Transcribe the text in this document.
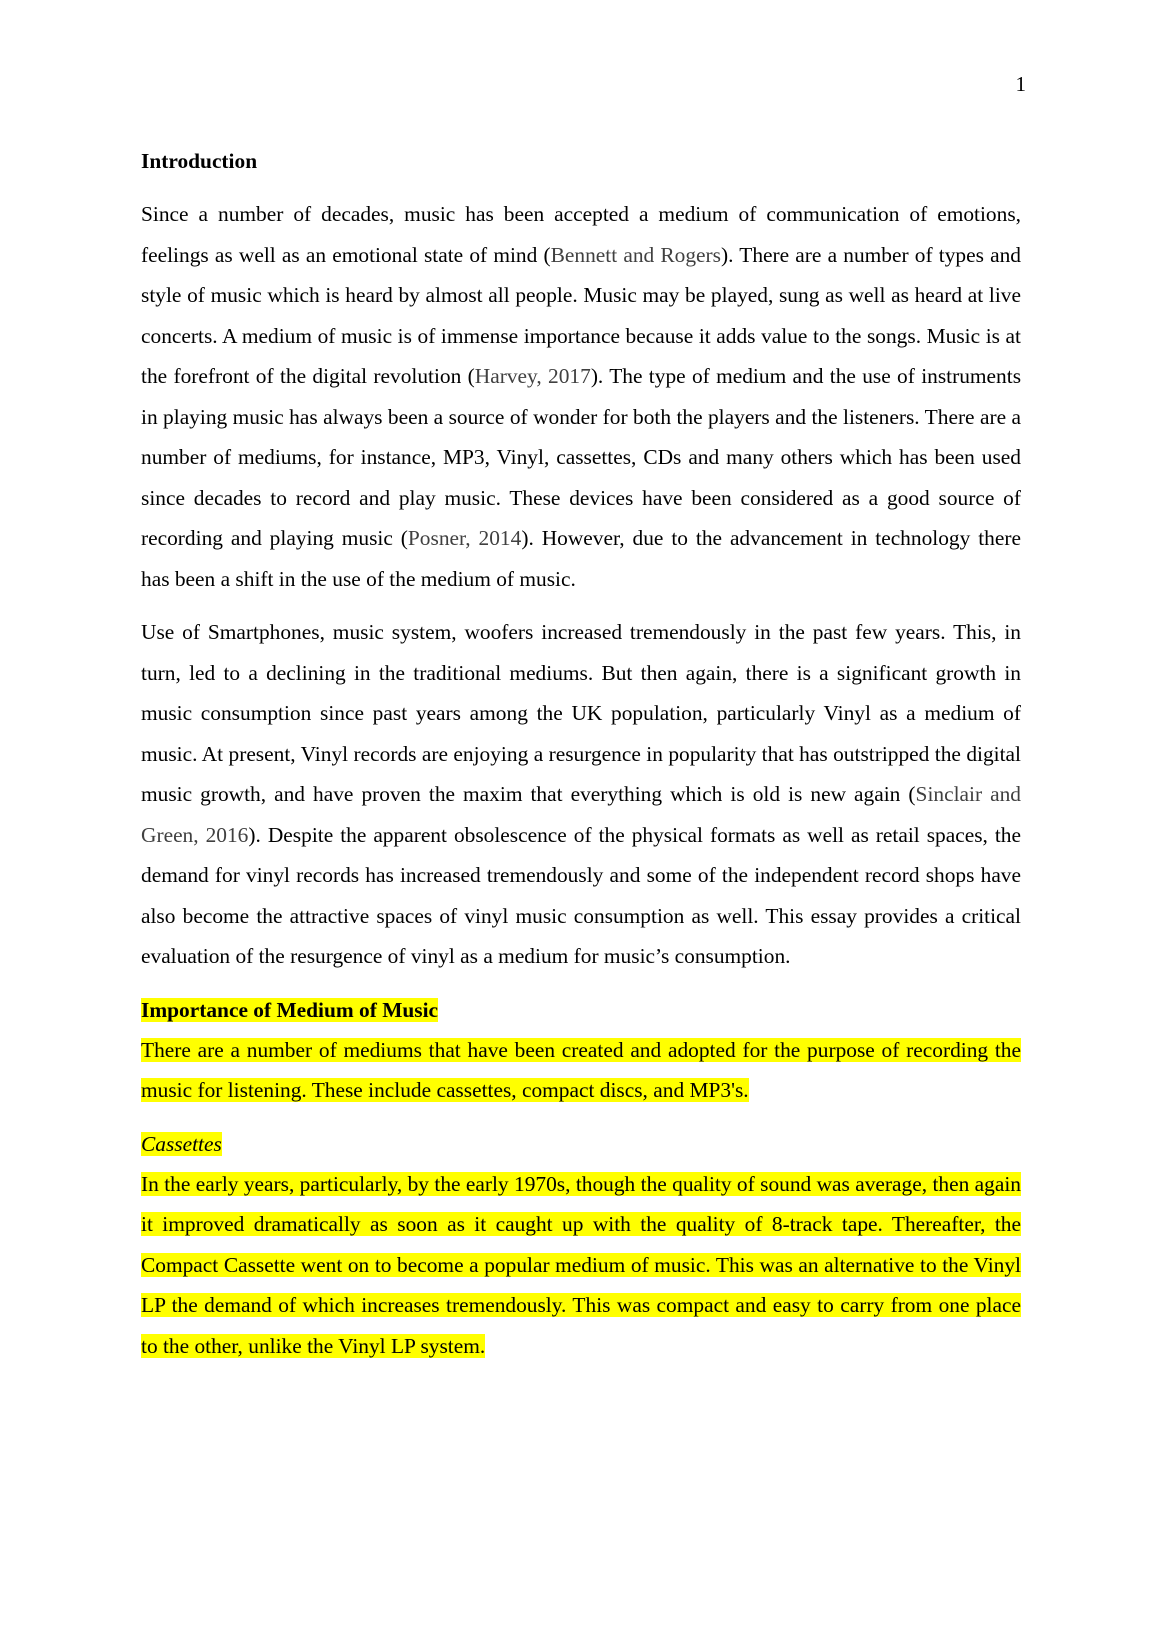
1
Introduction

Since a number of decades, music has been accepted a medium of communication of emotions, feelings as well as an emotional state of mind (Bennett and Rogers). There are a number of types and style of music which is heard by almost all people. Music may be played, sung as well as heard at live concerts. A medium of music is of immense importance because it adds value to the songs. Music is at the forefront of the digital revolution (Harvey, 2017). The type of medium and the use of instruments in playing music has always been a source of wonder for both the players and the listeners. There are a number of mediums, for instance, MP3, Vinyl, cassettes, CDs and many others which has been used since decades to record and play music. These devices have been considered as a good source of recording and playing music (Posner, 2014). However, due to the advancement in technology there has been a shift in the use of the medium of music.

Use of Smartphones, music system, woofers increased tremendously in the past few years. This, in turn, led to a declining in the traditional mediums. But then again, there is a significant growth in music consumption since past years among the UK population, particularly Vinyl as a medium of music. At present, Vinyl records are enjoying a resurgence in popularity that has outstripped the digital music growth, and have proven the maxim that everything which is old is new again (Sinclair and Green, 2016). Despite the apparent obsolescence of the physical formats as well as retail spaces, the demand for vinyl records has increased tremendously and some of the independent record shops have also become the attractive spaces of vinyl music consumption as well. This essay provides a critical evaluation of the resurgence of vinyl as a medium for music’s consumption.

Importance of Medium of Music

There are a number of mediums that have been created and adopted for the purpose of recording the music for listening. These include cassettes, compact discs, and MP3's.

Cassettes

In the early years, particularly, by the early 1970s, though the quality of sound was average, then again it improved dramatically as soon as it caught up with the quality of 8-track tape. Thereafter, the Compact Cassette went on to become a popular medium of music. This was an alternative to the Vinyl LP the demand of which increases tremendously. This was compact and easy to carry from one place to the other, unlike the Vinyl LP system.
